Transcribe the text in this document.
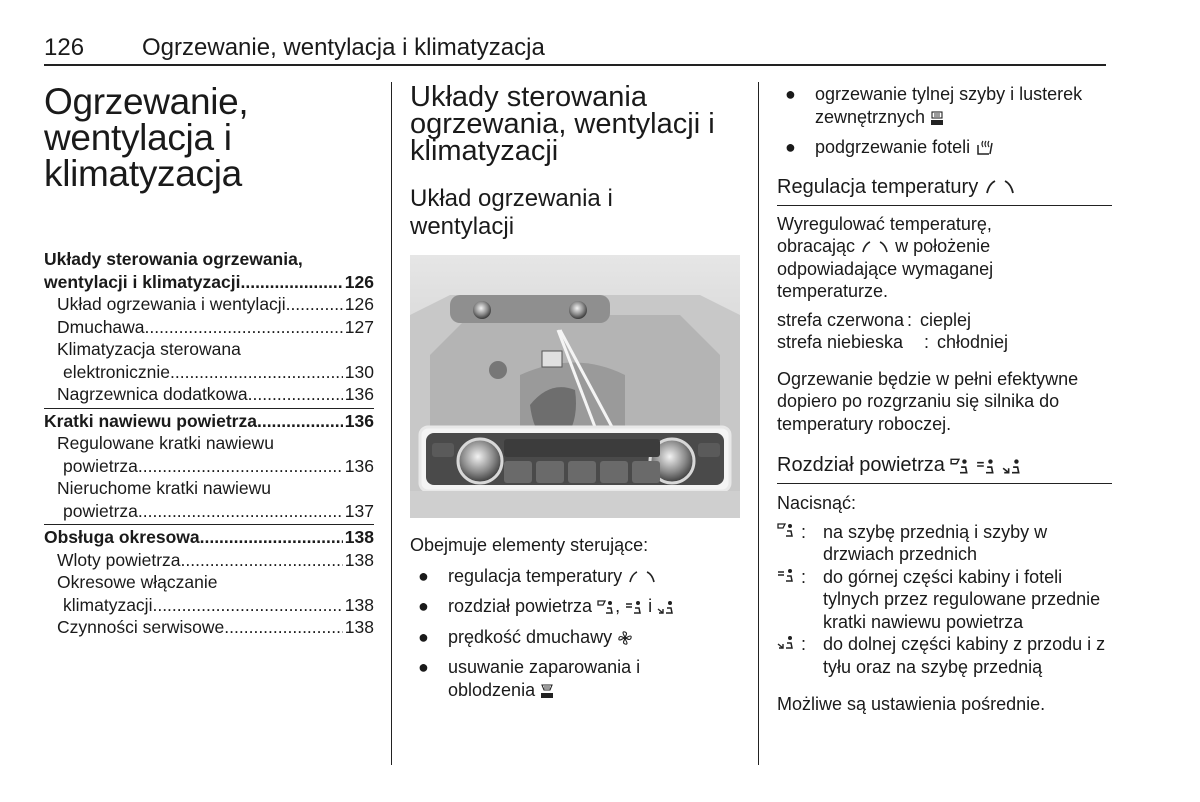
126 Ogrzewanie, wentylacja i klimatyzacja
Ogrzewanie,
wentylacja i
klimatyzacja
Układy sterowania ogrzewania,
wentylacji i klimatyzacji .....	126
Układ ogrzewania i wentylacji .....	126
Dmuchawa .....	127
Klimatyzacja sterowana
elektronicznie .....	130
Nagrzewnica dodatkowa .....	136
Kratki nawiewu powietrza .....	136
Regulowane kratki nawiewu
powietrza .....	136
Nieruchome kratki nawiewu
powietrza .....	137
Obsługa okresowa .....	138
Wloty powietrza .....	138
Okresowe włączanie
klimatyzacji .....	138
Czynności serwisowe .....	138
Układy sterowania
ogrzewania, wentylacji i
klimatyzacji
Układ ogrzewania i
wentylacji

Obejmuje elementy sterujące:

●	regulacja temperatury
●	rozdział powietrza , i
●	prędkość dmuchawy
●	usuwanie zaparowania i
oblodzenia
●	ogrzewanie tylnej szyby i lusterek
zewnętrznych
●	podgrzewanie foteli
Regulacja temperatury

Wyregulować temperaturę,
obracając w położenie
odpowiadające wymaganej
temperaturze.

strefa czerwona : cieplej
strefa niebieska	: chłodniej

Ogrzewanie będzie w pełni efektywne dopiero po rozgrzaniu się silnika do temperatury roboczej.

Rozdział powietrza

Nacisnąć:

: na szybę przednią i szyby w drzwiach przednich
: do górnej części kabiny i foteli tylnych przez regulowane przednie kratki nawiewu powietrza
: do dolnej części kabiny z przodu i z tyłu oraz na szybę przednią

Możliwe są ustawienia pośrednie.
